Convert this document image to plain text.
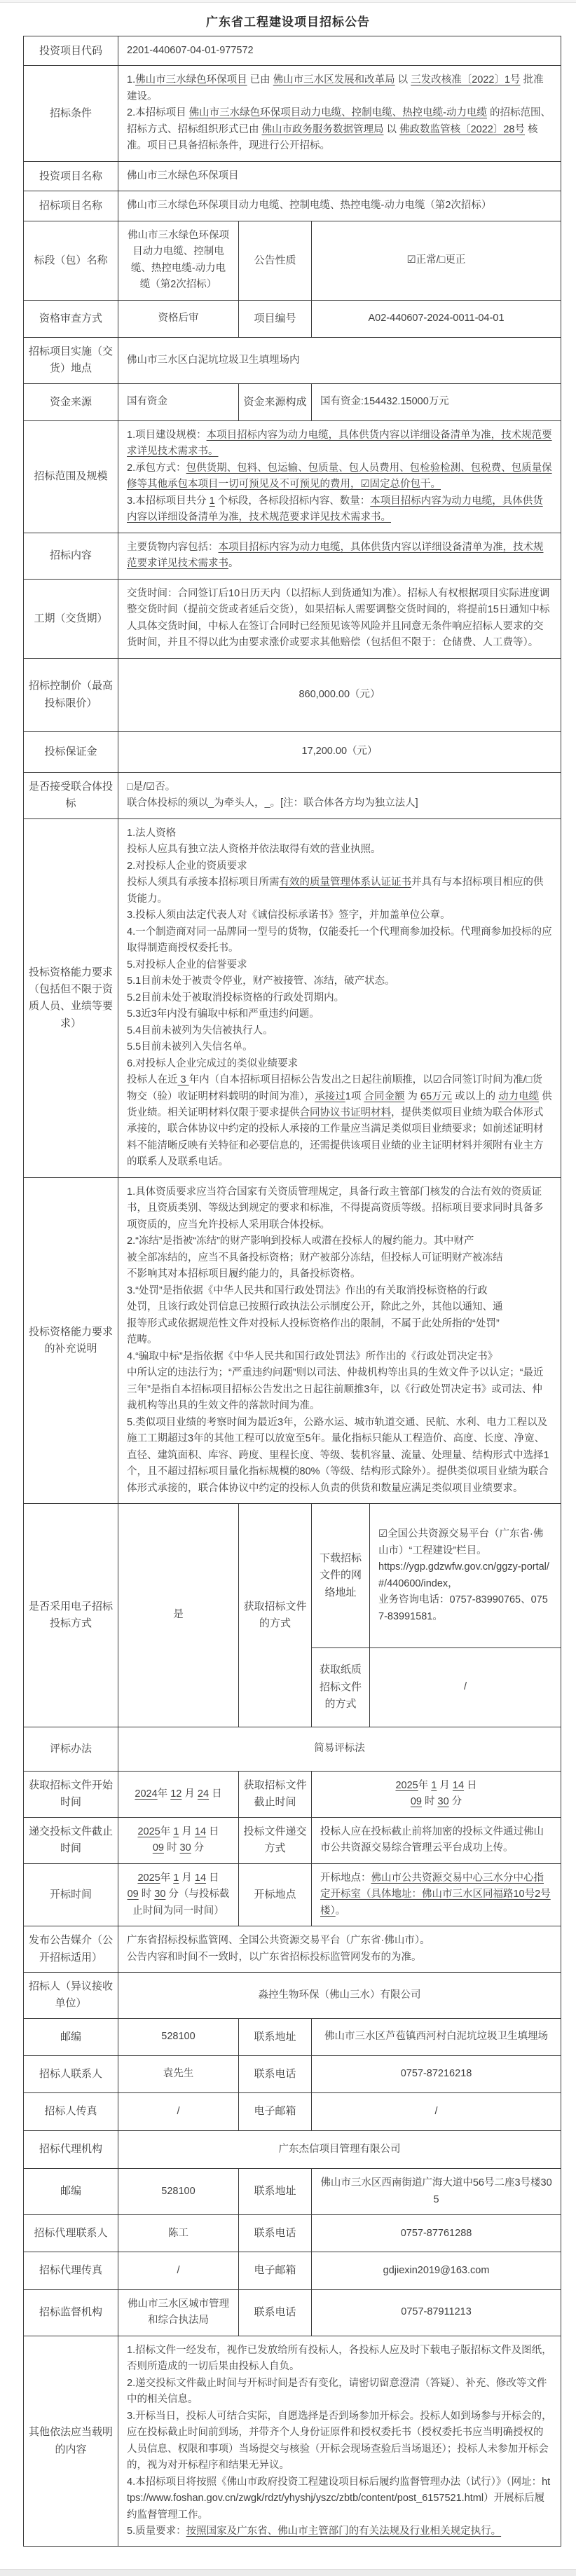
广东省工程建设项目招标公告
投资项目代码	2201-440607-04-01-977572			
招标条件	1.佛山市三水绿色环保项目 已由 佛山市三水区发展和改革局 以 三发改核准〔2022〕1号 批准建设。
2.本招标项目 佛山市三水绿色环保项目动力电缆、控制电缆、热控电缆-动力电缆 的招标范围、招标方式、招标组织形式已由 佛山市政务服务数据管理局 以 佛政数监管核〔2022〕28号 核准。项目已具备招标条件，现进行公开招标。			

投资项目名称	佛山市三水绿色环保项目			
招标项目名称	佛山市三水绿色环保项目动力电缆、控制电缆、热控电缆-动力电缆（第2次招标）			
标段（包）名称	佛山市三水绿色环保项目动力电缆、控制电缆、热控电缆-动力电缆（第2次招标）	公告性质	☑正常/□更正	
资格审查方式	资格后审	项目编号	A02-440607-2024-0011-04-01	
招标项目实施（交货）地点	佛山市三水区白泥坑垃圾卫生填埋场内			
资金来源	国有资金	资金来源构成	国有资金:154432.15000万元	
招标范围及规模	1.项目建设规模：本项目招标内容为动力电缆，具体供货内容以详细设备清单为准，技术规范要求详见技术需求书。
2.承包方式：包供货期、包料、包运输、包质量、包人员费用、包检验检测、包税费、包质量保修等其他承包本项目一切可预见及不可预见的费用，☑固定总价包干。
3.本招标项目共分 1 个标段，各标段招标内容、数量：本项目招标内容为动力电缆，具体供货内容以详细设备清单为准，技术规范要求详见技术需求书。			

招标内容	主要货物内容包括：本项目招标内容为动力电缆，具体供货内容以详细设备清单为准，技术规范要求详见技术需求书。			
工期（交货期）	交货时间：合同签订后10日历天内（以招标人到货通知为准）。招标人有权根据项目实际进度调整交货时间（提前交货或者延后交货），如果招标人需要调整交货时间的，将提前15日通知中标人具体交货时间，中标人在签订合同时已经预见该等风险并且同意无条件响应招标人要求的交货时间，并且不得以此为由要求涨价或要求其他赔偿（包括但不限于：仓储费、人工费等）。			
招标控制价（最高投标限价）	860,000.00（元）			
投标保证金	17,200.00（元）			
是否接受联合体投标	□是/☑否。
联合体投标的须以_为牵头人，_。[注：联合体各方均为独立法人]			

投标资格能力要求（包括但不限于资质人员、业绩等要求）	
1.法人资格
投标人应具有独立法人资格并依法取得有效的营业执照。
2.对投标人企业的资质要求
投标人须具有承接本招标项目所需有效的质量管理体系认证证书并具有与本招标项目相应的供货能力。
3.投标人须由法定代表人对《诚信投标承诺书》签字，并加盖单位公章。
4.一个制造商对同一品牌同一型号的货物，仅能委托一个代理商参加投标。代理商参加投标的应取得制造商授权委托书。
5.对投标人企业的信誉要求
5.1目前未处于被责令停业，财产被接管、冻结，破产状态。
5.2目前未处于被取消投标资格的行政处罚期内。
5.3近3年内没有骗取中标和严重违约问题。
5.4目前未被列为失信被执行人。
5.5目前未被列入失信名单。
6.对投标人企业完成过的类似业绩要求
投标人在近 3 年内（自本招标项目招标公告发出之日起往前顺推，以☑合同签订时间为准/□货物交（验）收证明材料载明的时间为准），承接过1项 合同金额 为 65万元 或以上的 动力电缆 供货业绩。相关证明材料仅限于要求提供合同协议书证明材料，提供类似项目业绩为联合体形式承接的，联合体协议中约定的投标人承接的工作量应当满足类似项目业绩要求；如前述证明材料不能清晰反映有关特征和必要信息的，还需提供该项目业绩的业主证明材料并须附有业主方的联系人及联系电话。

投标资格能力要求的补充说明	
1.具体资质要求应当符合国家有关资质管理规定，具备行政主管部门核发的合法有效的资质证书，且资质类别、等级达到规定的要求和标准，不得提高资质等级。招标项目要求同时具备多项资质的，应当允许投标人采用联合体投标。
2.“冻结”是指被“冻结”的财产影响到投标人或潜在投标人的履约能力。其中财产
被全部冻结的，应当不具备投标资格；财产被部分冻结，但投标人可证明财产被冻结
不影响其对本招标项目履约能力的，具备投标资格。
3.“处罚”是指依据《中华人民共和国行政处罚法》作出的有关取消投标资格的行政
处罚，且该行政处罚信息已按照行政执法公示制度公开，除此之外，其他以通知、通
报等形式或依据规范性文件对投标人投标资格作出的限制，不属于此处所指的“处罚”
范畴。
4.“骗取中标”是指依据《中华人民共和国行政处罚法》所作出的《行政处罚决定书》
中所认定的违法行为；“严重违约问题”则以司法、仲裁机构等出具的生效文件予以认定；“最近三年”是指自本招标项目招标公告发出之日起往前顺推3年，以《行政处罚决定书》或司法、仲裁机构等出具的生效文件的落款时间为准。
5.类似项目业绩的考察时间为最近3年，公路水运、城市轨道交通、民航、水利、电力工程以及施工工期超过3年的其他工程可以放宽至5年。量化指标只能从工程造价、高度、长度、净宽、直径、建筑面积、库容、跨度、里程长度、等级、装机容量、流量、处理量、结构形式中选择1个，且不超过招标项目量化指标规模的80%（等级、结构形式除外）。提供类似项目业绩为联合体形式承接的，联合体协议中约定的投标人负责的供货和数量应满足类似项目业绩要求。

是否采用电子招标投标方式	是	获取招标文件的方式	下载招标文件的网络地址	☑全国公共资源交易平台（广东省·佛山市）“工程建设”栏目。
https://ygp.gdzwfw.gov.cn/ggzy-portal/#/440600/index，
业务咨询电话：0757-83990765、0757-83991581。

			获取纸质招标文件的方式	/
评标办法	简易评标法			
获取招标文件开始时间	2024年 12 月 24 日	获取招标文件截止时间	2025年 1 月 14 日
09 时 30 分	

递交投标文件截止时间	2025年 1 月 14 日
09 时 30 分	投标文件递交方式	投标人应在投标截止前将加密的投标文件通过佛山市公共资源交易综合管理云平台成功上传。	
开标时间	2025年 1 月 14 日
09 时 30 分（与投标截止时间为同一时间）	开标地点	开标地点：佛山市公共资源交易中心三水分中心指定开标室（具体地址：佛山市三水区同福路10号2号楼）。	
发布公告媒介（公开招标适用）	广东省招标投标监管网、全国公共资源交易平台（广东省·佛山市）。
公告内容和时间不一致时，以广东省招标投标监管网发布的为准。			

招标人（异议接收单位）	淼控生物环保（佛山三水）有限公司			
邮编	528100	联系地址	佛山市三水区芦苞镇西河村白泥坑垃圾卫生填埋场	
招标人联系人	袁先生	联系电话	0757-87216218	
招标人传真	/	电子邮箱	/	
招标代理机构	广东杰信项目管理有限公司			
邮编	528100	联系地址	佛山市三水区西南街道广海大道中56号二座3号楼305	
招标代理联系人	陈工	联系电话	0757-87761288	
招标代理传真	/	电子邮箱	gdjiexin2019@163.com	
招标监督机构	佛山市三水区城市管理和综合执法局	联系电话	0757-87911213	
其他依法应当载明的内容	1.招标文件一经发布，视作已发放给所有投标人，各投标人应及时下载电子版招标文件及图纸，否则所造成的一切后果由投标人自负。
2.递交投标文件截止时间与开标时间是否有变化，请密切留意澄清（答疑）、补充、修改等文件中的相关信息。
3.开标当日，投标人可结合实际，自愿选择是否到场参加开标会。投标人如到场参与开标会的，应在投标截止时间前到场，并带齐个人身份证原件和授权委托书（授权委托书应当明确授权的人员信息、权限和事项）当场提交与核验（开标会现场查验后当场退还）；投标人未参加开标会的，视为对开标程序和结果无异议。
4.本招标项目将按照《佛山市政府投资工程建设项目标后履约监督管理办法（试行）》（网址：https://www.foshan.gov.cn/zwgk/rdzt/yhyshj/yszc/zbtb/content/post_6157521.html）开展标后履约监督管理工作。
5.质量要求：按照国家及广东省、佛山市主管部门的有关法规及行业相关规定执行。			
